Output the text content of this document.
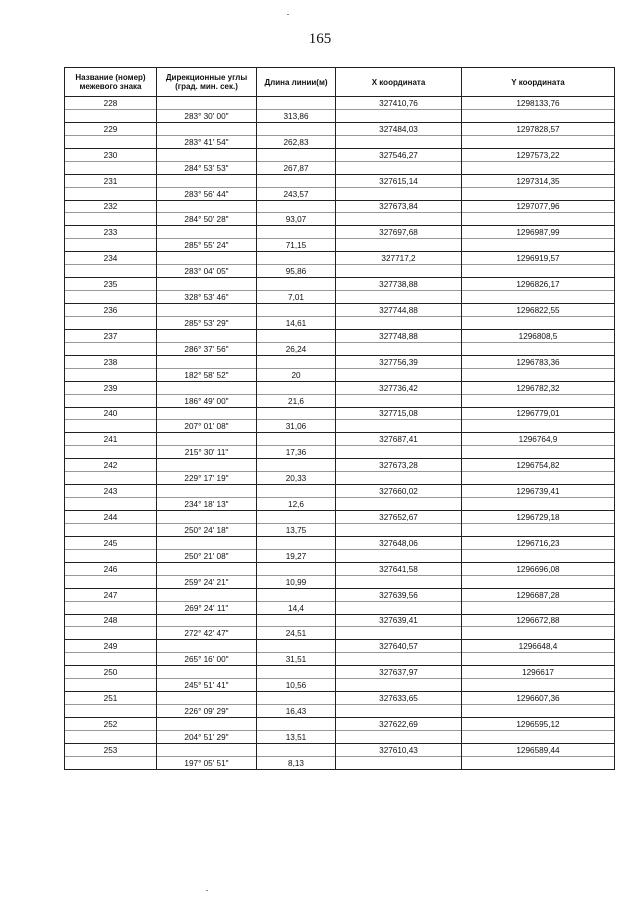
165
Название (номер) межевого знака	Дирекционные углы (град. мин. сек.)	Длина линии(м)	X координата	Y координата
228			327410,76	1298133,76
	283° 30' 00"	313,86		
229			327484,03	1297828,57
	283° 41' 54"	262,83		
230			327546,27	1297573,22
	284° 53' 53"	267,87		
231			327615,14	1297314,35
	283° 56' 44"	243,57		
232			327673,84	1297077,96
	284° 50' 28"	93,07		
233			327697,68	1296987,99
	285° 55' 24"	71,15		
234			327717,2	1296919,57
	283° 04' 05"	95,86		
235			327738,88	1296826,17
	328° 53' 46"	7,01		
236			327744,88	1296822,55
	285° 53' 29"	14,61		
237			327748,88	1296808,5
	286° 37' 56"	26,24		
238			327756,39	1296783,36
	182° 58' 52"	20		
239			327736,42	1296782,32
	186° 49' 00"	21,6		
240			327715,08	1296779,01
	207° 01' 08"	31,06		
241			327687,41	1296764,9
	215° 30' 11"	17,36		
242			327673,28	1296754,82
	229° 17' 19"	20,33		
243			327660,02	1296739,41
	234° 18' 13"	12,6		
244			327652,67	1296729,18
	250° 24' 18"	13,75		
245			327648,06	1296716,23
	250° 21' 08"	19,27		
246			327641,58	1296696,08
	259° 24' 21"	10,99		
247			327639,56	1296687,28
	269° 24' 11"	14,4		
248			327639,41	1296672,88
	272° 42' 47"	24,51		
249			327640,57	1296648,4
	265° 16' 00"	31,51		
250			327637,97	1296617
	245° 51' 41"	10,56		
251			327633,65	1296607,36
	226° 09' 29"	16,43		
252			327622,69	1296595,12
	204° 51' 29"	13,51		
253			327610,43	1296589,44
	197° 05' 51"	8,13		
